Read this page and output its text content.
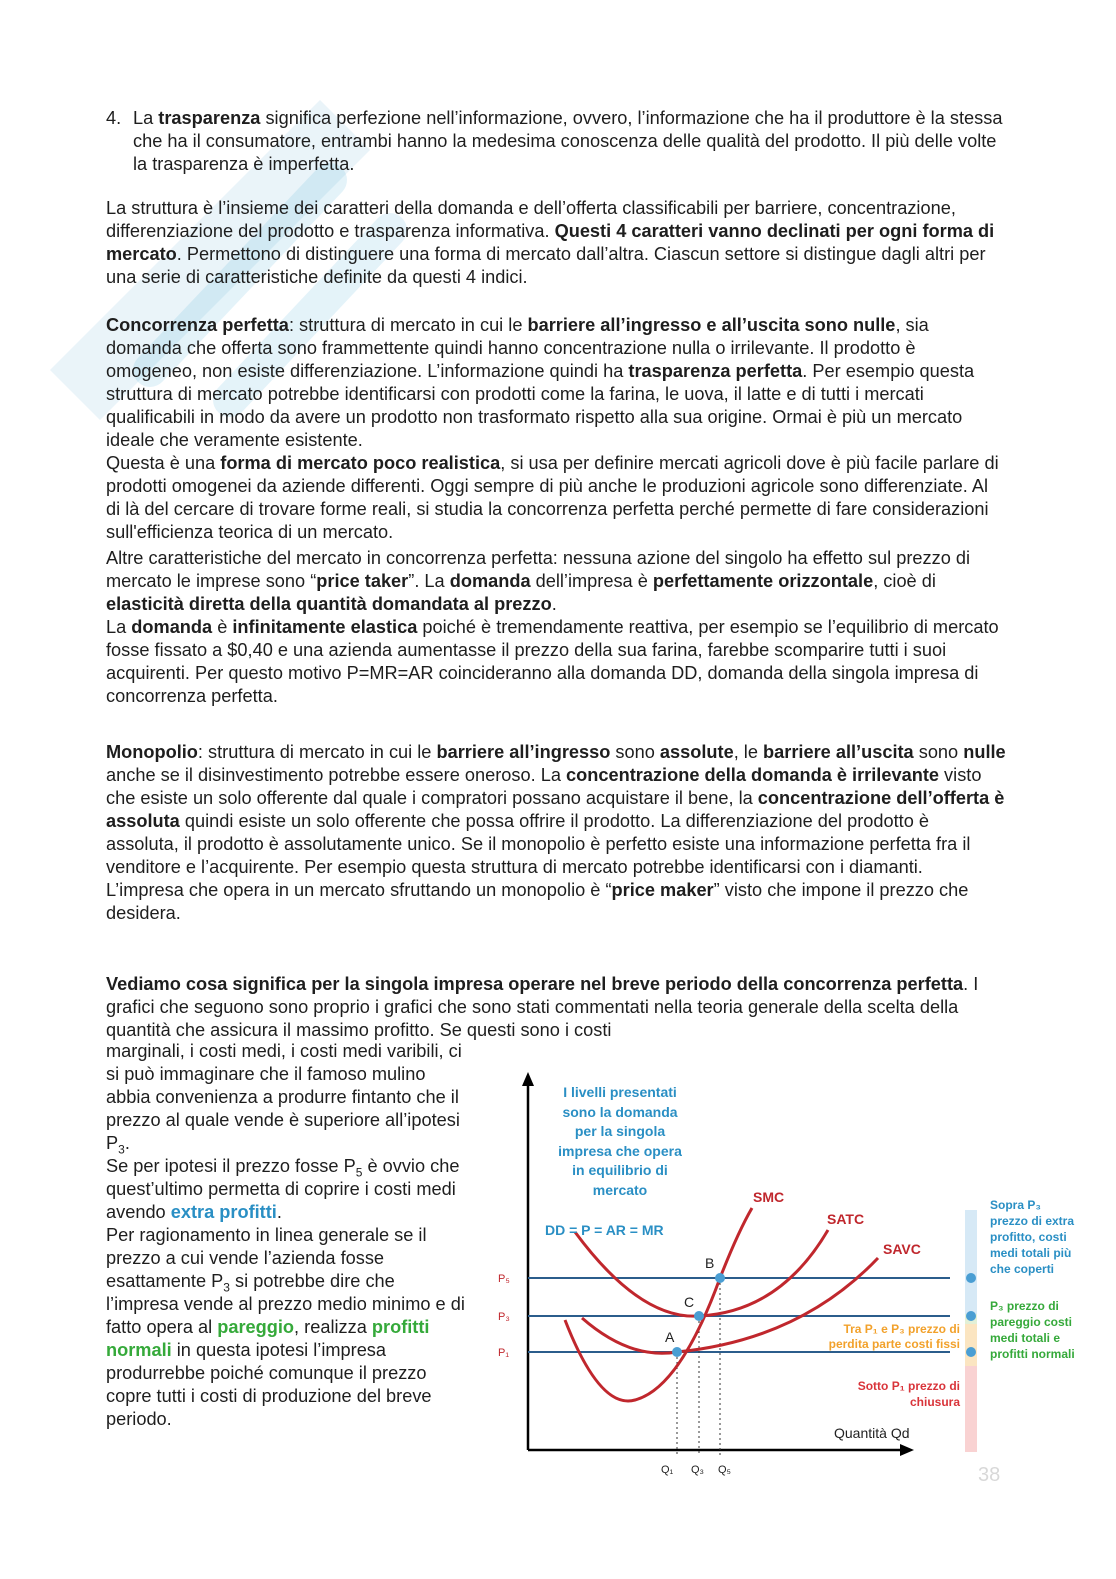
4. La trasparenza significa perfezione nell’informazione, ovvero, l’informazione che ha il produttore è la stessa che ha il consumatore, entrambi hanno la medesima conoscenza delle qualità del prodotto. Il più delle volte la trasparenza è imperfetta.

La struttura è l’insieme dei caratteri della domanda e dell’offerta classificabili per barriere, concentrazione, differenziazione del prodotto e trasparenza informativa. Questi 4 caratteri vanno declinati per ogni forma di mercato. Permettono di distinguere una forma di mercato dall’altra. Ciascun settore si distingue dagli altri per una serie di caratteristiche definite da questi 4 indici.

Concorrenza perfetta: struttura di mercato in cui le barriere all’ingresso e all’uscita sono nulle, sia domanda che offerta sono frammettente quindi hanno concentrazione nulla o irrilevante. Il prodotto è omogeneo, non esiste differenziazione. L’informazione quindi ha trasparenza perfetta. Per esempio questa struttura di mercato potrebbe identificarsi con prodotti come la farina, le uova, il latte e di tutti i mercati qualificabili in modo da avere un prodotto non trasformato rispetto alla sua origine. Ormai è più un mercato ideale che veramente esistente.

Questa è una forma di mercato poco realistica, si usa per definire mercati agricoli dove è più facile parlare di prodotti omogenei da aziende differenti. Oggi sempre di più anche le produzioni agricole sono differenziate. Al di là del cercare di trovare forme reali, si studia la concorrenza perfetta perché permette di fare considerazioni sull'efficienza teorica di un mercato.

Altre caratteristiche del mercato in concorrenza perfetta: nessuna azione del singolo ha effetto sul prezzo di mercato le imprese sono “price taker”. La domanda dell’impresa è perfettamente orizzontale, cioè di elasticità diretta della quantità domandata al prezzo.

La domanda è infinitamente elastica poiché è tremendamente reattiva, per esempio se l’equilibrio di mercato fosse fissato a $0,40 e una azienda aumentasse il prezzo della sua farina, farebbe scomparire tutti i suoi acquirenti. Per questo motivo P=MR=AR coincideranno alla domanda DD, domanda della singola impresa di concorrenza perfetta.

Monopolio: struttura di mercato in cui le barriere all’ingresso sono assolute, le barriere all’uscita sono nulle anche se il disinvestimento potrebbe essere oneroso. La concentrazione della domanda è irrilevante visto che esiste un solo offerente dal quale i compratori possano acquistare il bene, la concentrazione dell’offerta è assoluta quindi esiste un solo offerente che possa offrire il prodotto. La differenziazione del prodotto è assoluta, il prodotto è assolutamente unico. Se il monopolio è perfetto esiste una informazione perfetta fra il venditore e l’acquirente. Per esempio questa struttura di mercato potrebbe identificarsi con i diamanti.

L’impresa che opera in un mercato sfruttando un monopolio è “price maker” visto che impone il prezzo che desidera.

Vediamo cosa significa per la singola impresa operare nel breve periodo della concorrenza perfetta. I grafici che seguono sono proprio i grafici che sono stati commentati nella teoria generale della scelta della quantità che assicura il massimo profitto. Se questi sono i costi

marginali, i costi medi, i costi medi varibili, ci si può immaginare che il famoso mulino abbia convenienza a produrre fintanto che il prezzo al quale vende è superiore all’ipotesi $P_3$.

Se per ipotesi il prezzo fosse $P_5$ è ovvio che quest’ultimo permetta di coprire i costi medi avendo extra profitti.

Per ragionamento in linea generale se il prezzo a cui vende l’azienda fosse esattamente $P_3$ si potrebbe dire che l’impresa vende al prezzo medio minimo e di fatto opera al pareggio, realizza profitti normali in questa ipotesi l’impresa produrrebbe poiché comunque il prezzo copre tutti i costi di produzione del breve periodo.

I livelli presentati
sono la domanda
per la singola
impresa che opera
in equilibrio di
mercato
DD = P = AR = MR
SMC
SATC
SAVC
P₅
P₃
P₁
A
B
C
Q₁ Q₃ Q₅
Quantità Qd
Tra P₁ e P₃ prezzo di
perdita parte costi fissi
Sotto P₁ prezzo di
chiusura
Sopra P₃
prezzo di extra
profitto, costi
medi totali più
che coperti
P₃ prezzo di
pareggio costi
medi totali e
profitti normali
38
